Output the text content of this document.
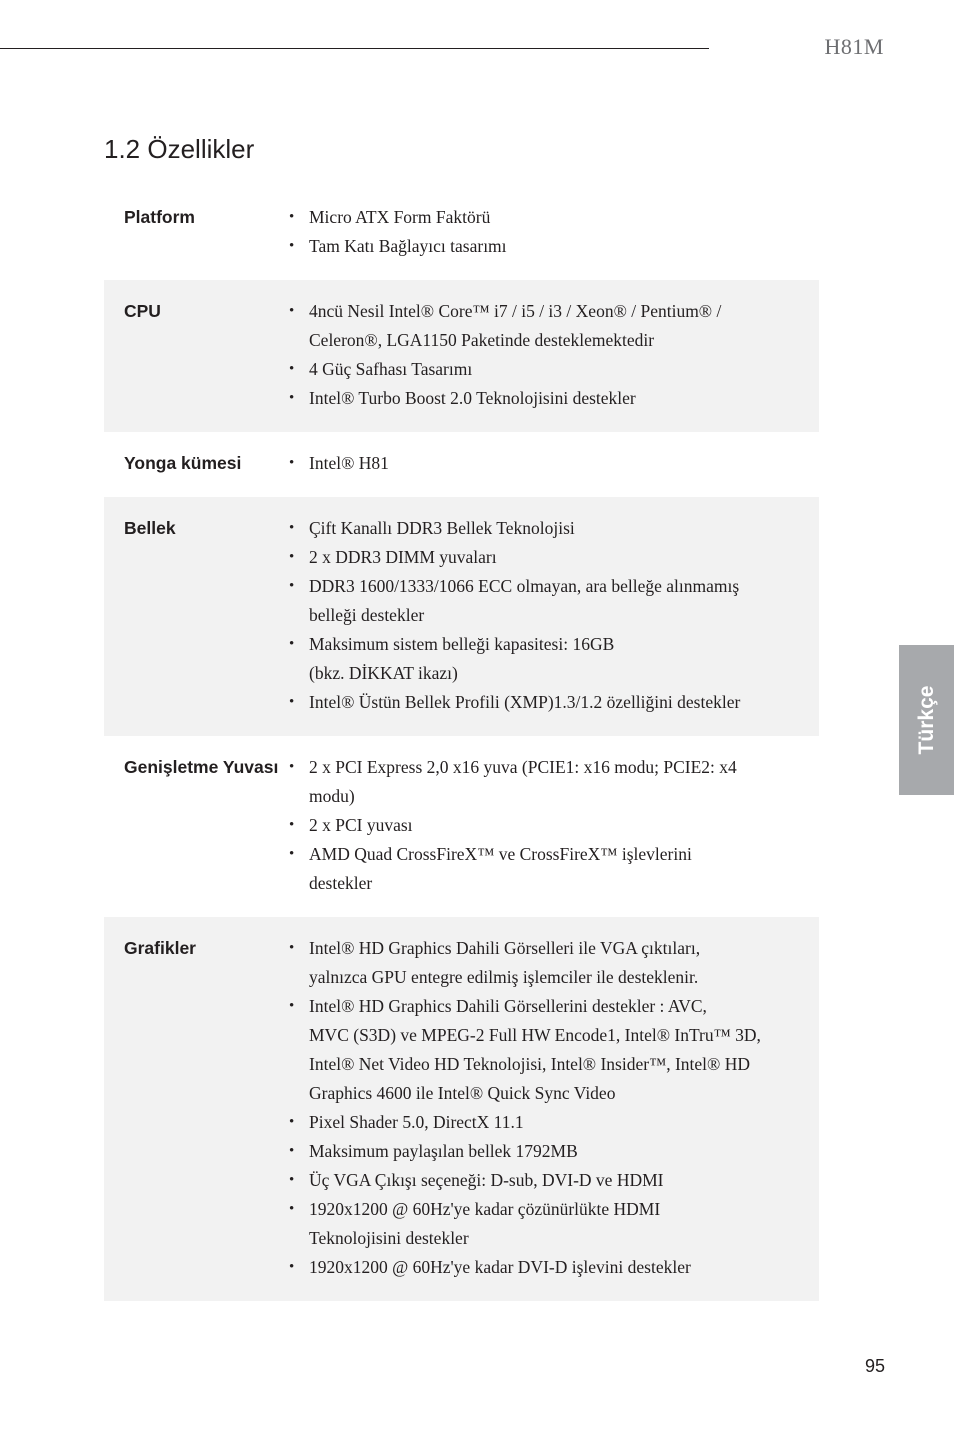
H81M
1.2 Özellikler
Platform	• Micro ATX Form Faktörü
• Tam Katı Bağlayıcı tasarımı
CPU	• 4ncü Nesil Intel® Core™ i7 / i5 / i3 / Xeon® / Pentium® /
Celeron®, LGA1150 Paketinde desteklemektedir
• 4 Güç Safhası Tasarımı
• Intel® Turbo Boost 2.0 Teknolojisini destekler
Yonga kümesi	• Intel® H81
Bellek	• Çift Kanallı DDR3 Bellek Teknolojisi
• 2 x DDR3 DIMM yuvaları
• DDR3 1600/1333/1066 ECC olmayan, ara belleğe alınmamış
belleği destekler
• Maksimum sistem belleği kapasitesi: 16GB
(bkz. DİKKAT ikazı)
• Intel® Üstün Bellek Profili (XMP)1.3/1.2 özelliğini destekler
Genişletme Yuvası	• 2 x PCI Express 2,0 x16 yuva (PCIE1: x16 modu; PCIE2: x4
modu)
• 2 x PCI yuvası
• AMD Quad CrossFireX™ ve CrossFireX™ işlevlerini
destekler
Grafikler	• Intel® HD Graphics Dahili Görselleri ile VGA çıktıları,
yalnızca GPU entegre edilmiş işlemciler ile desteklenir.
• Intel® HD Graphics Dahili Görsellerini destekler : AVC,
MVC (S3D) ve MPEG-2 Full HW Encode1, Intel® InTru™ 3D,
Intel® Net Video HD Teknolojisi, Intel® Insider™, Intel® HD
Graphics 4600 ile Intel® Quick Sync Video
• Pixel Shader 5.0, DirectX 11.1
• Maksimum paylaşılan bellek 1792MB
• Üç VGA Çıkışı seçeneği: D-sub, DVI-D ve HDMI
• 1920x1200 @ 60Hz'ye kadar çözünürlükte HDMI
Teknolojisini destekler
• 1920x1200 @ 60Hz'ye kadar DVI-D işlevini destekler
Türkçe
95
